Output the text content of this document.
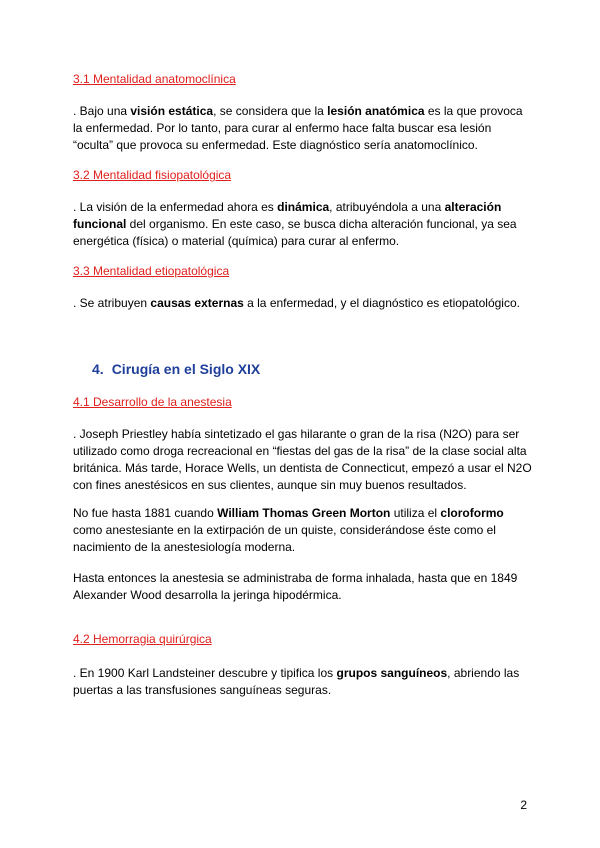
3.1 Mentalidad anatomoclínica
. Bajo una visión estática, se considera que la lesión anatómica es la que provoca la enfermedad. Por lo tanto, para curar al enfermo hace falta buscar esa lesión “oculta” que provoca su enfermedad. Este diagnóstico sería anatomoclínico.
3.2 Mentalidad fisiopatológica
. La visión de la enfermedad ahora es dinámica, atribuyéndola a una alteración funcional del organismo. En este caso, se busca dicha alteración funcional, ya sea energética (física) o material (química) para curar al enfermo.
3.3 Mentalidad etiopatológica
. Se atribuyen causas externas a la enfermedad, y el diagnóstico es etiopatológico.
4. Cirugía en el Siglo XIX
4.1 Desarrollo de la anestesia
. Joseph Priestley había sintetizado el gas hilarante o gran de la risa (N2O) para ser utilizado como droga recreacional en “fiestas del gas de la risa” de la clase social alta británica. Más tarde, Horace Wells, un dentista de Connecticut, empezó a usar el N2O con fines anestésicos en sus clientes, aunque sin muy buenos resultados.
No fue hasta 1881 cuando William Thomas Green Morton utiliza el cloroformo como anestesiante en la extirpación de un quiste, considerándose éste como el nacimiento de la anestesiología moderna.
Hasta entonces la anestesia se administraba de forma inhalada, hasta que en 1849 Alexander Wood desarrolla la jeringa hipodérmica.
4.2 Hemorragia quirúrgica
. En 1900 Karl Landsteiner descubre y tipifica los grupos sanguíneos, abriendo las puertas a las transfusiones sanguíneas seguras.
2
